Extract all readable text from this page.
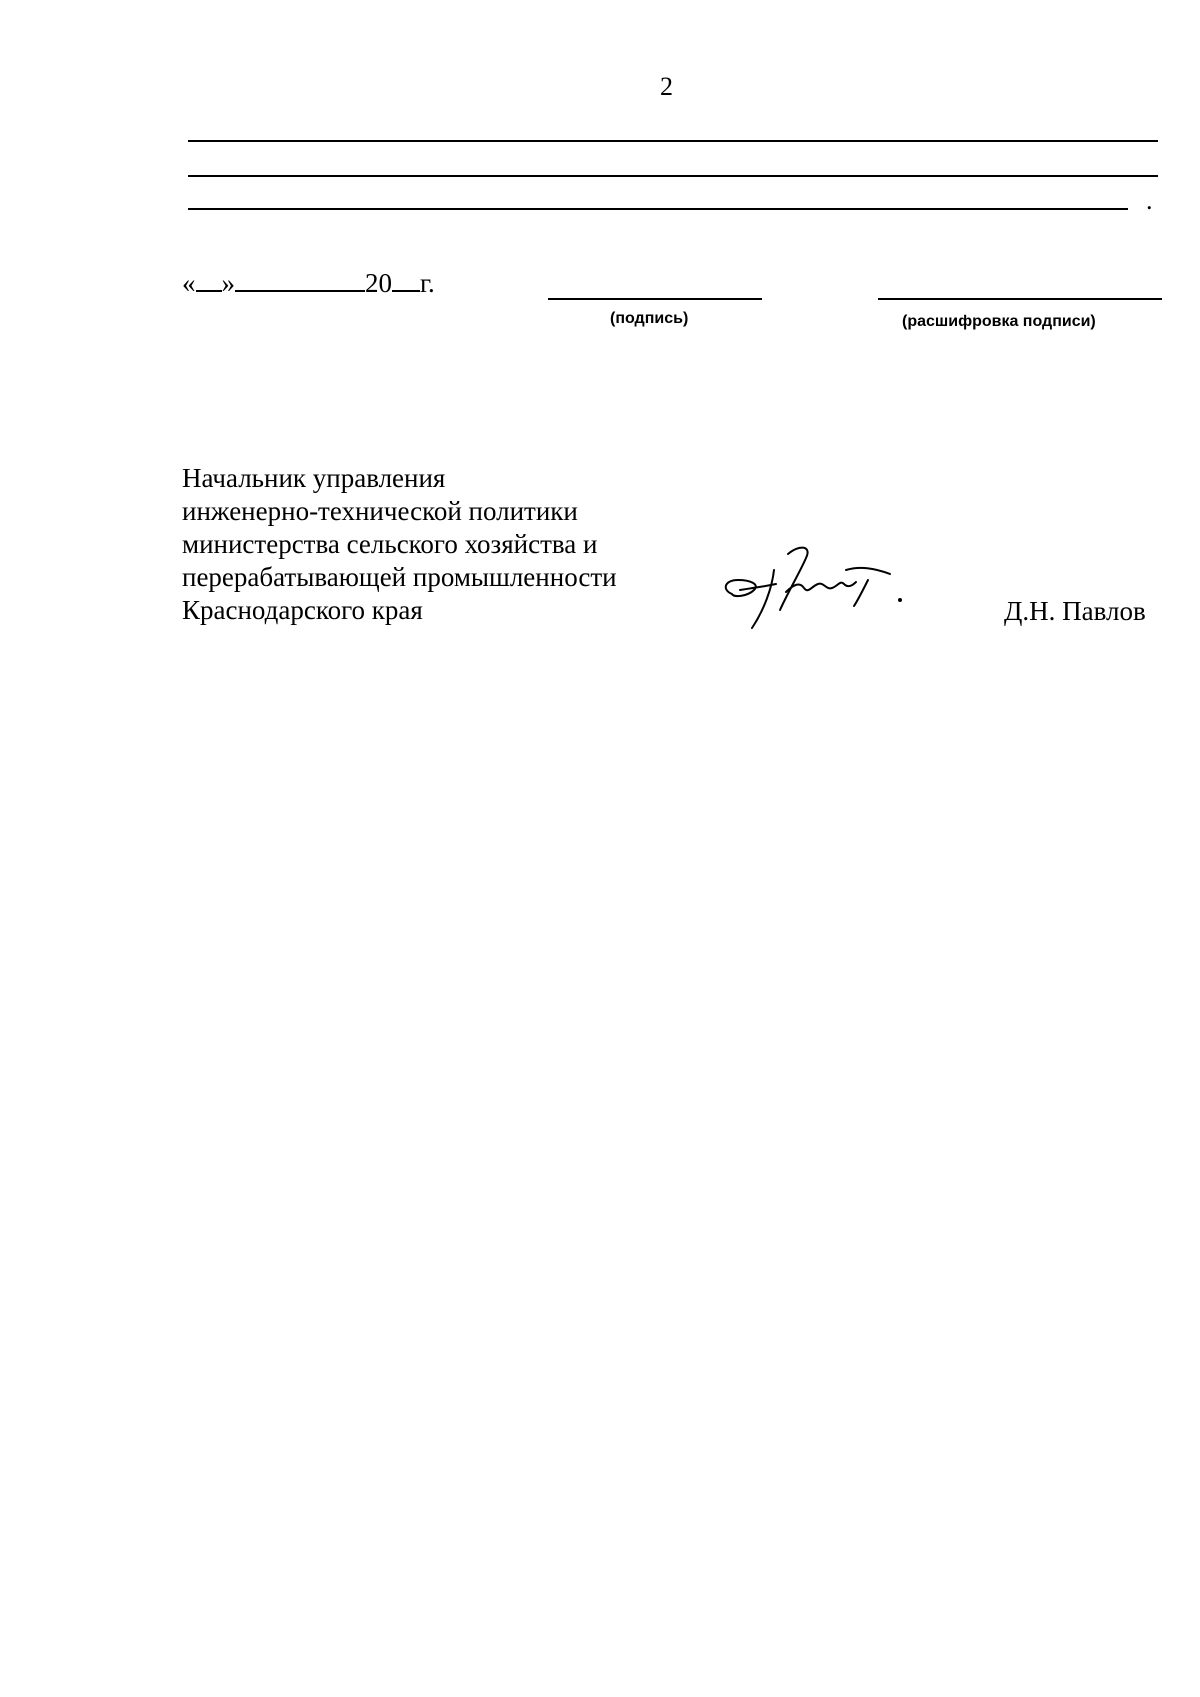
2
.
« »	20 г.
(подпись)	(расшифровка подписи)
Начальник управления
инженерно-технической политики
министерства сельского хозяйства и
перерабатывающей промышленности
Краснодарского края	Д.Н. Павлов
